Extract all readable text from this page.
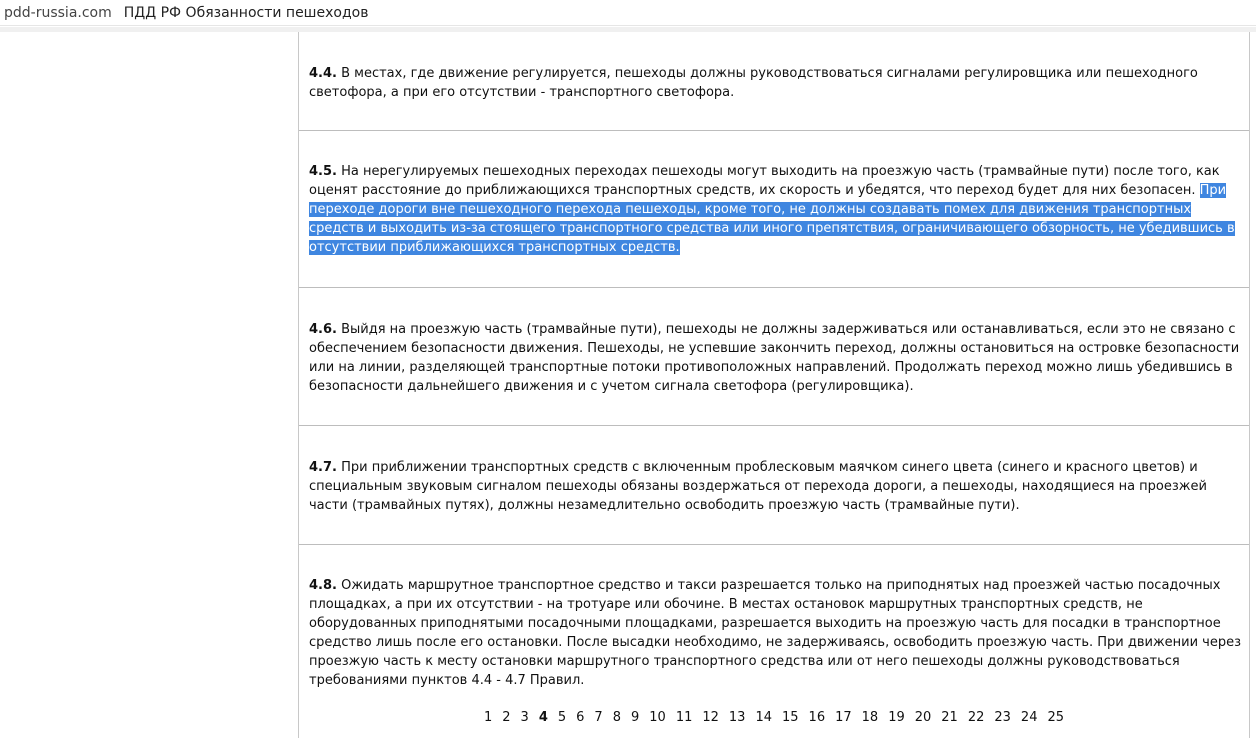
pdd-russia.com ПДД РФ Обязанности пешеходов
4.4. В местах, где движение регулируется, пешеходы должны руководствоваться сигналами регулировщика или пешеходного светофора, а при его отсутствии - транспортного светофора.
4.5. На нерегулируемых пешеходных переходах пешеходы могут выходить на проезжую часть (трамвайные пути) после того, как оценят расстояние до приближающихся транспортных средств, их скорость и убедятся, что переход будет для них безопасен. При переходе дороги вне пешеходного перехода пешеходы, кроме того, не должны создавать помех для движения транспортных средств и выходить из-за стоящего транспортного средства или иного препятствия, ограничивающего обзорность, не убедившись в отсутствии приближающихся транспортных средств.
4.6. Выйдя на проезжую часть (трамвайные пути), пешеходы не должны задерживаться или останавливаться, если это не связано с обеспечением безопасности движения. Пешеходы, не успевшие закончить переход, должны остановиться на островке безопасности или на линии, разделяющей транспортные потоки противоположных направлений. Продолжать переход можно лишь убедившись в безопасности дальнейшего движения и с учетом сигнала светофора (регулировщика).
4.7. При приближении транспортных средств с включенным проблесковым маячком синего цвета (синего и красного цветов) и специальным звуковым сигналом пешеходы обязаны воздержаться от перехода дороги, а пешеходы, находящиеся на проезжей части (трамвайных путях), должны незамедлительно освободить проезжую часть (трамвайные пути).
4.8. Ожидать маршрутное транспортное средство и такси разрешается только на приподнятых над проезжей частью посадочных площадках, а при их отсутствии - на тротуаре или обочине. В местах остановок маршрутных транспортных средств, не оборудованных приподнятыми посадочными площадками, разрешается выходить на проезжую часть для посадки в транспортное средство лишь после его остановки. После высадки необходимо, не задерживаясь, освободить проезжую часть. При движении через проезжую часть к месту остановки маршрутного транспортного средства или от него пешеходы должны руководствоваться требованиями пунктов 4.4 - 4.7 Правил.
1 2 3 4 5 6 7 8 9 10 11 12 13 14 15 16 17 18 19 20 21 22 23 24 25
